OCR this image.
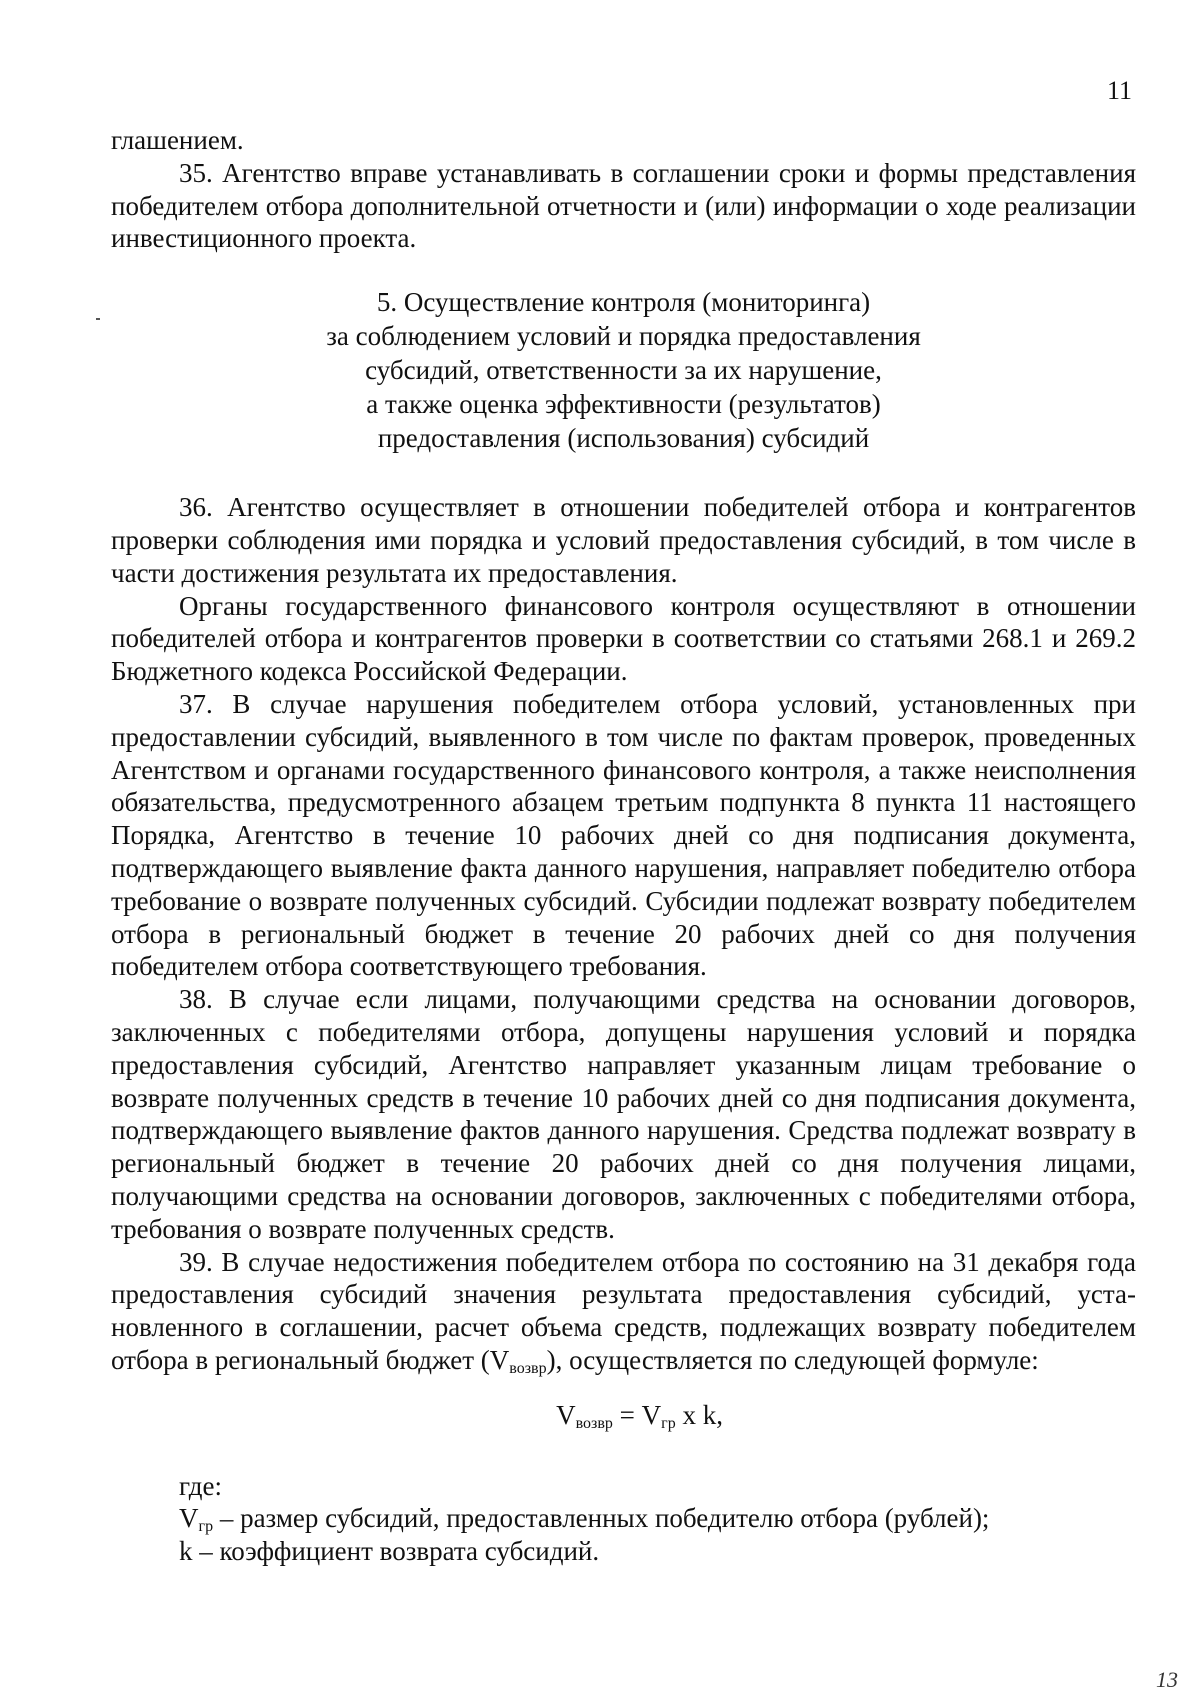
11

глашением.

35. Агентство вправе устанавливать в соглашении сроки и формы представления победителем отбора дополнительной отчетности и (или) информации о ходе реализации инвестиционного проекта.

5. Осуществление контроля (мониторинга)
за соблюдением условий и порядка предоставления
субсидий, ответственности за их нарушение,
а также оценка эффективности (результатов)
предоставления (использования) субсидий

36. Агентство осуществляет в отношении победителей отбора и контрагентов проверки соблюдения ими порядка и условий предоставления субсидий, в том числе в части достижения результата их предоставления.

Органы государственного финансового контроля осуществляют в отношении победителей отбора и контрагентов проверки в соответствии со статьями 268.1 и 269.2 Бюджетного кодекса Российской Федерации.

37. В случае нарушения победителем отбора условий, установленных при предоставлении субсидий, выявленного в том числе по фактам проверок, проведенных Агентством и органами государственного финансового контроля, а также неисполнения обязательства, предусмотренного абзацем третьим подпункта 8 пункта 11 настоящего Порядка, Агентство в течение 10 рабочих дней со дня подписания документа, подтверждающего выявление факта данного нарушения, направляет победителю отбора требование о возврате полученных субсидий. Субсидии подлежат возврату победителем отбора в региональный бюджет в течение 20 рабочих дней со дня получения победителем отбора соответствующего требования.

38. В случае если лицами, получающими средства на основании договоров, заключенных с победителями отбора, допущены нарушения условий и порядка предоставления субсидий, Агентство направляет указанным лицам требование о возврате полученных средств в течение 10 рабочих дней со дня подписания документа, подтверждающего выявление фактов данного нарушения. Средства подлежат возврату в региональный бюджет в течение 20 рабочих дней со дня получения лицами, получающими средства на основании договоров, заключенных с победителями отбора, требования о возврате полученных средств.

39. В случае недостижения победителем отбора по состоянию на 31 декабря года предоставления субсидий значения результата предоставления субсидий, установленного в соглашении, расчет объема средств, подлежащих возврату победителем отбора в региональный бюджет $(V_{возвр})$, осуществляется по следующей формуле:

$V_{возвр} = V_{гр}$ x k,

где:

$V_{гр}$ – размер субсидий, предоставленных победителю отбора (рублей);

k – коэффициент возврата субсидий.

13
